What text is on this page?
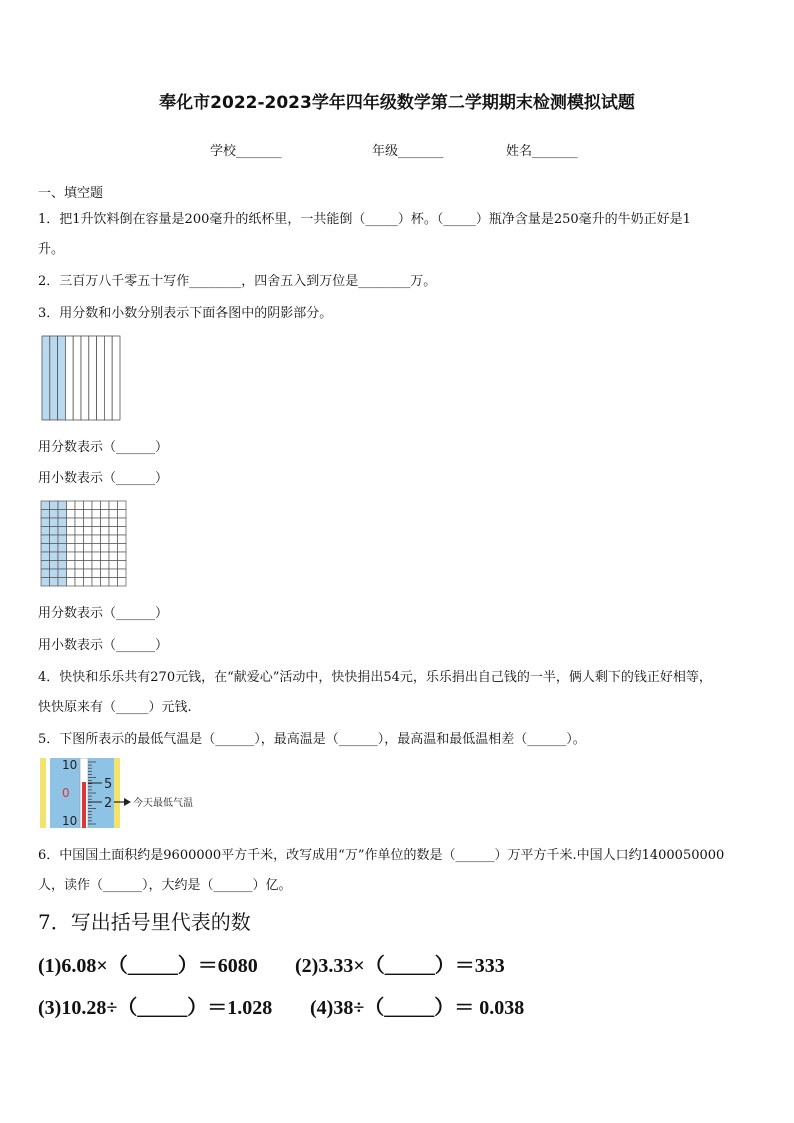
奉化市2022-2023学年四年级数学第二学期期末检测模拟试题
学校_______	年级_______	姓名_______
一、填空题
1．把1升饮料倒在容量是200毫升的纸杯里，一共能倒（_____）杯。（_____）瓶净含量是250毫升的牛奶正好是1
升。
2．三百万八千零五十写作________，四舍五入到万位是________万。
3．用分数和小数分别表示下面各图中的阴影部分。
用分数表示（______）
用小数表示（______）
用分数表示（______）
用小数表示（______）
4．快快和乐乐共有270元钱，在“献爱心”活动中，快快捐出54元，乐乐捐出自己钱的一半，俩人剩下的钱正好相等，
快快原来有（_____）元钱.
5．下图所表示的最低气温是（______），最高温是（______），最高温和最低温相差（______）。
10
0
10
5
2 今天最低气温
6．中国国土面积约是9600000平方千米，改写成用“万”作单位的数是（______）万平方千米.中国人口约1400050000
人，读作（______），大约是（______）亿。
7．写出括号里代表的数
(1)6.08×（_____）＝6080 (2)3.33×（_____）＝333
(3)10.28÷（_____）＝1.028 (4)38÷（_____）＝ 0.038
